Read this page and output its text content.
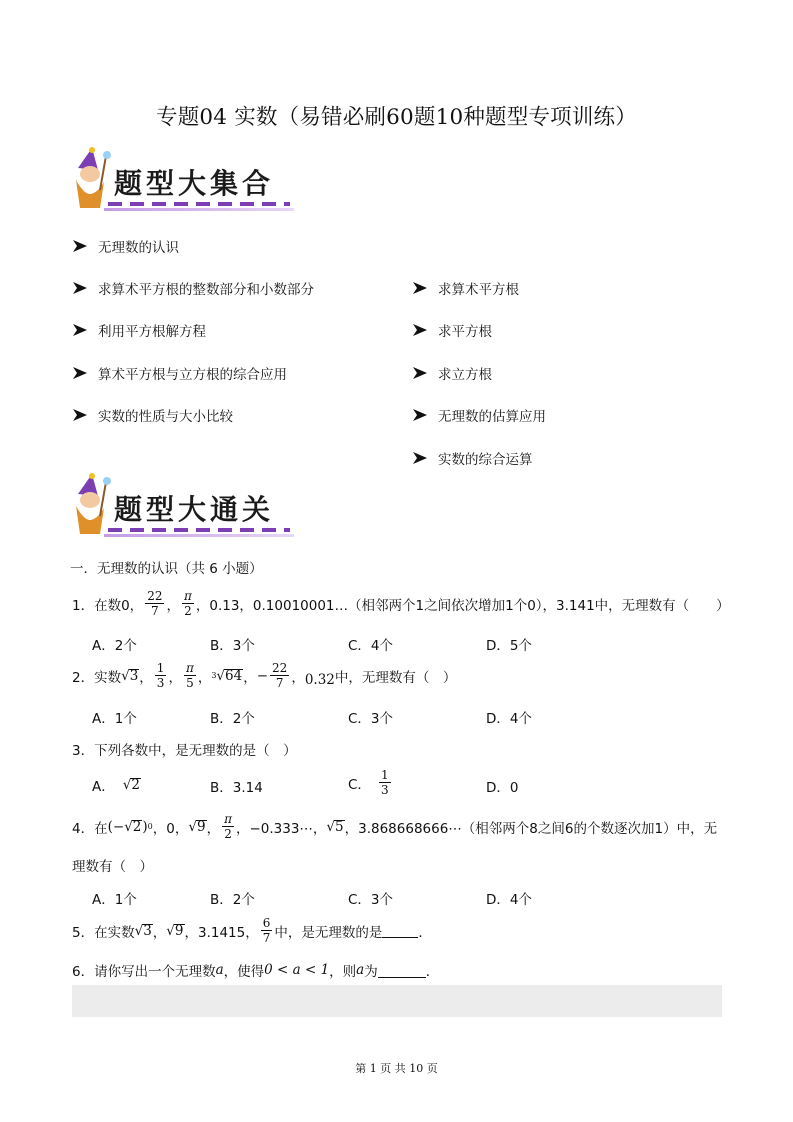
专题04 实数（易错必刷60题10种题型专项训练）
题型大集合
无理数的认识
求算术平方根的整数部分和小数部分
利用平方根解方程
算术平方根与立方根的综合应用
实数的性质与大小比较
求算术平方根
求平方根
求立方根
无理数的估算应用
实数的综合运算
题型大通关
一．无理数的认识（共 6 小题）
1．在数0， $\frac{22}{7}$ ， $\frac{\pi}{2}$ ，0.13，0.10010001…（相邻两个1之间依次增加1个0），3.141中，无理数有（　　）
A．2个	B．3个	C．4个	D．5个
2．实数 √ 3 ， $\frac{1}{3}$ ， $\frac{\pi}{5}$ ， 3 √ 64 ， − $\frac{22}{7}$ ， 0.32 中，无理数有（　）
A．1个	B．2个	C．3个	D．4个
3．下列各数中，是无理数的是（　）
A． √ 2	B．3.14	C． $\frac{1}{3}$	D．0
4．在 (− √ 2 ) 0 ，0， √ 9 ， $\frac{\pi}{2}$ ，−0.333⋯， √ 5 ，3.868668666⋯（相邻两个8之间6的个数逐次加1）中，无
理数有（　）
A．1个	B．2个	C．3个	D．4个
5．在实数 √ 3 ， √ 9 ，3.1415， $\frac{6}{7}$ 中，是无理数的是	．
6．请你写出一个无理数 a ，使得 0 < a < 1 ，则 a 为	．
第 1 页 共 10 页
